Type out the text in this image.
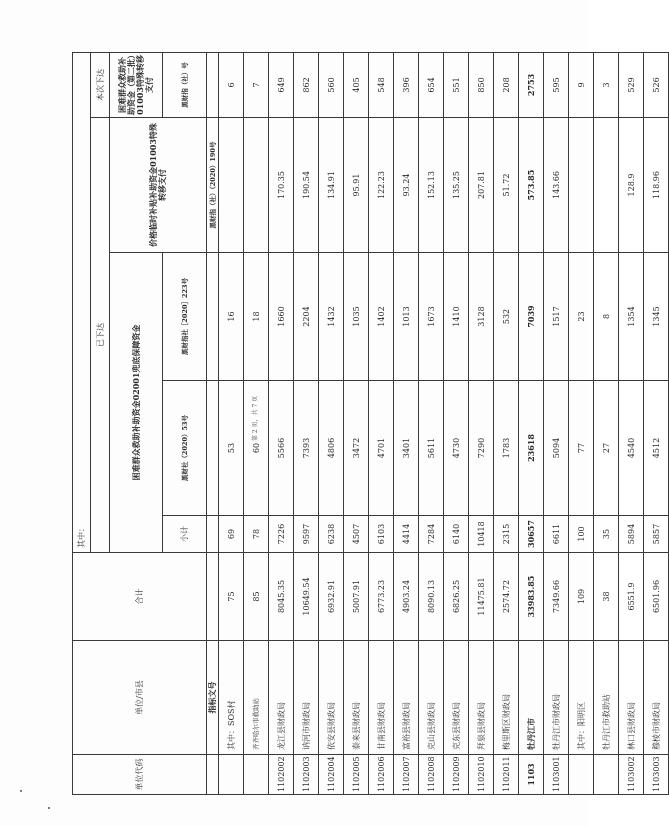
单位代码	单位/市县	合计	其中：				
			已下达				本次下达
			困难群众救助补助资金02001兜底保障资金			价格临时补贴补助资金01003特殊转移支付	困难群众救助补助资金（第二批）01003特殊转移支付
			小计	黑财社（2020）53号	黑财指社［2020］223号		黑财指（社）号
	指标文号					黑财指（社）（2020）190号	
	其中：SOS村	75	69	53	16		6
	齐齐哈尔市救助站	85	78	60	18		7
1102002	龙江县财政局	8045.35	7226	5566	1660	170.35	649
1102003	讷河市财政局	10649.54	9597	7393	2204	190.54	862
1102004	依安县财政局	6932.91	6238	4806	1432	134.91	560
1102005	泰来县财政局	5007.91	4507	3472	1035	95.91	405
1102006	甘南县财政局	6773.23	6103	4701	1402	122.23	548
1102007	富裕县财政局	4903.24	4414	3401	1013	93.24	396
1102008	克山县财政局	8090.13	7284	5611	1673	152.13	654
1102009	克东县财政局	6826.25	6140	4730	1410	135.25	551
1102010	拜泉县财政局	11475.81	10418	7290	3128	207.81	850
1102011	梅里斯区财政局	2574.72	2315	1783	532	51.72	208
1103	牡丹江市	33983.85	30657	23618	7039	573.85	2753
1103001	牡丹江市财政局	7349.66	6611	5094	1517	143.66	595
	其中：阳明区	109	100	77	23		9
	牡丹江市救助站	38	35	27	8		3
1103002	林口县财政局	6551.9	5894	4540	1354	128.9	529
1103003	穆棱市财政局	6501.96	5857	4512	1345	118.96	526
第 2 页，共 7 页
